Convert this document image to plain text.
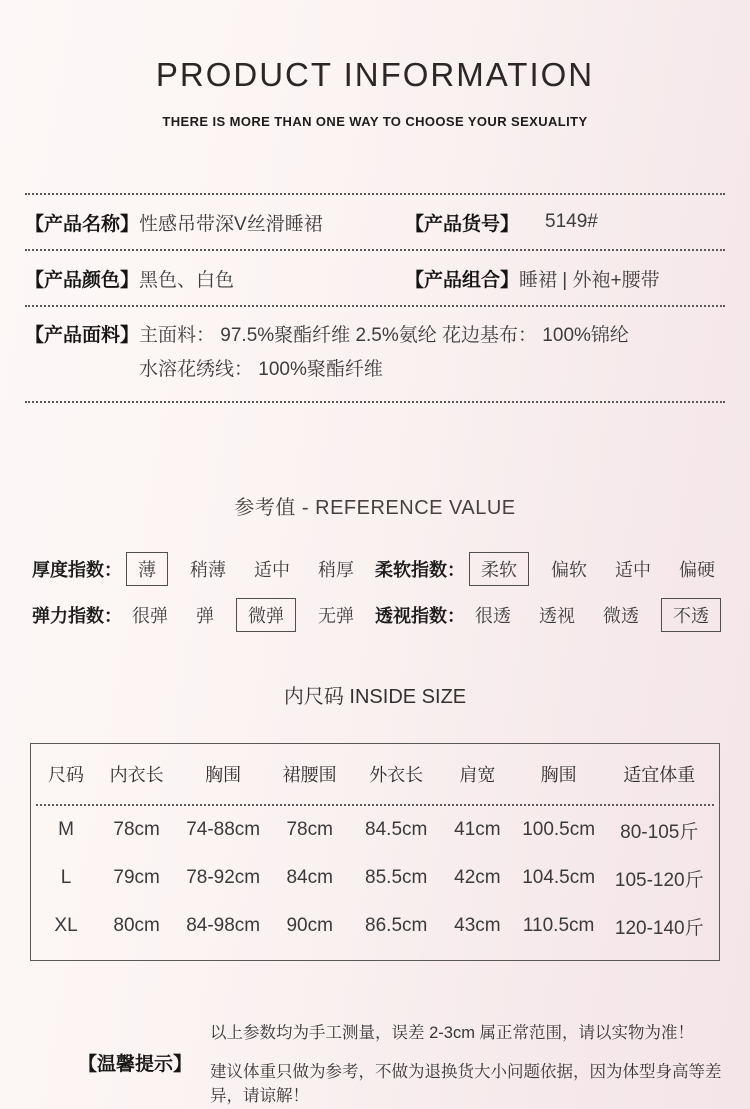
PRODUCT INFORMATION
THERE IS MORE THAN ONE WAY TO CHOOSE YOUR SEXUALITY
【产品名称】 性感吊带深V丝滑睡裙	【产品货号】 5149#
【产品颜色】 黑色、白色	【产品组合】 睡裙 | 外袍+腰带
【产品面料】 主面料： 97.5%聚酯纤维 2.5%氨纶 花边基布： 100%锦纶
水溶花绣线： 100%聚酯纤维
参考值 - REFERENCE VALUE
厚度指数： 薄	稍薄 适中 稍厚 柔软指数： 柔软	偏软 适中 偏硬
弹力指数： 很弹 弹	微弹	无弹 透视指数： 很透 透视 微透	不透
内尺码 INSIDE SIZE
尺码	内衣长	胸围	裙腰围	外衣长	肩宽	胸围	适宜体重
M	78cm	74-88cm	78cm	84.5cm	41cm	100.5cm	80-105斤
L	79cm	78-92cm	84cm	85.5cm	42cm	104.5cm	105-120斤
XL	80cm	84-98cm	90cm	86.5cm	43cm	110.5cm	120-140斤
【温馨提示】
以上参数均为手工测量，误差 2-3cm 属正常范围，请以实物为准！
建议体重只做为参考，不做为退换货大小问题依据，因为体型身高等差异，请谅解！
